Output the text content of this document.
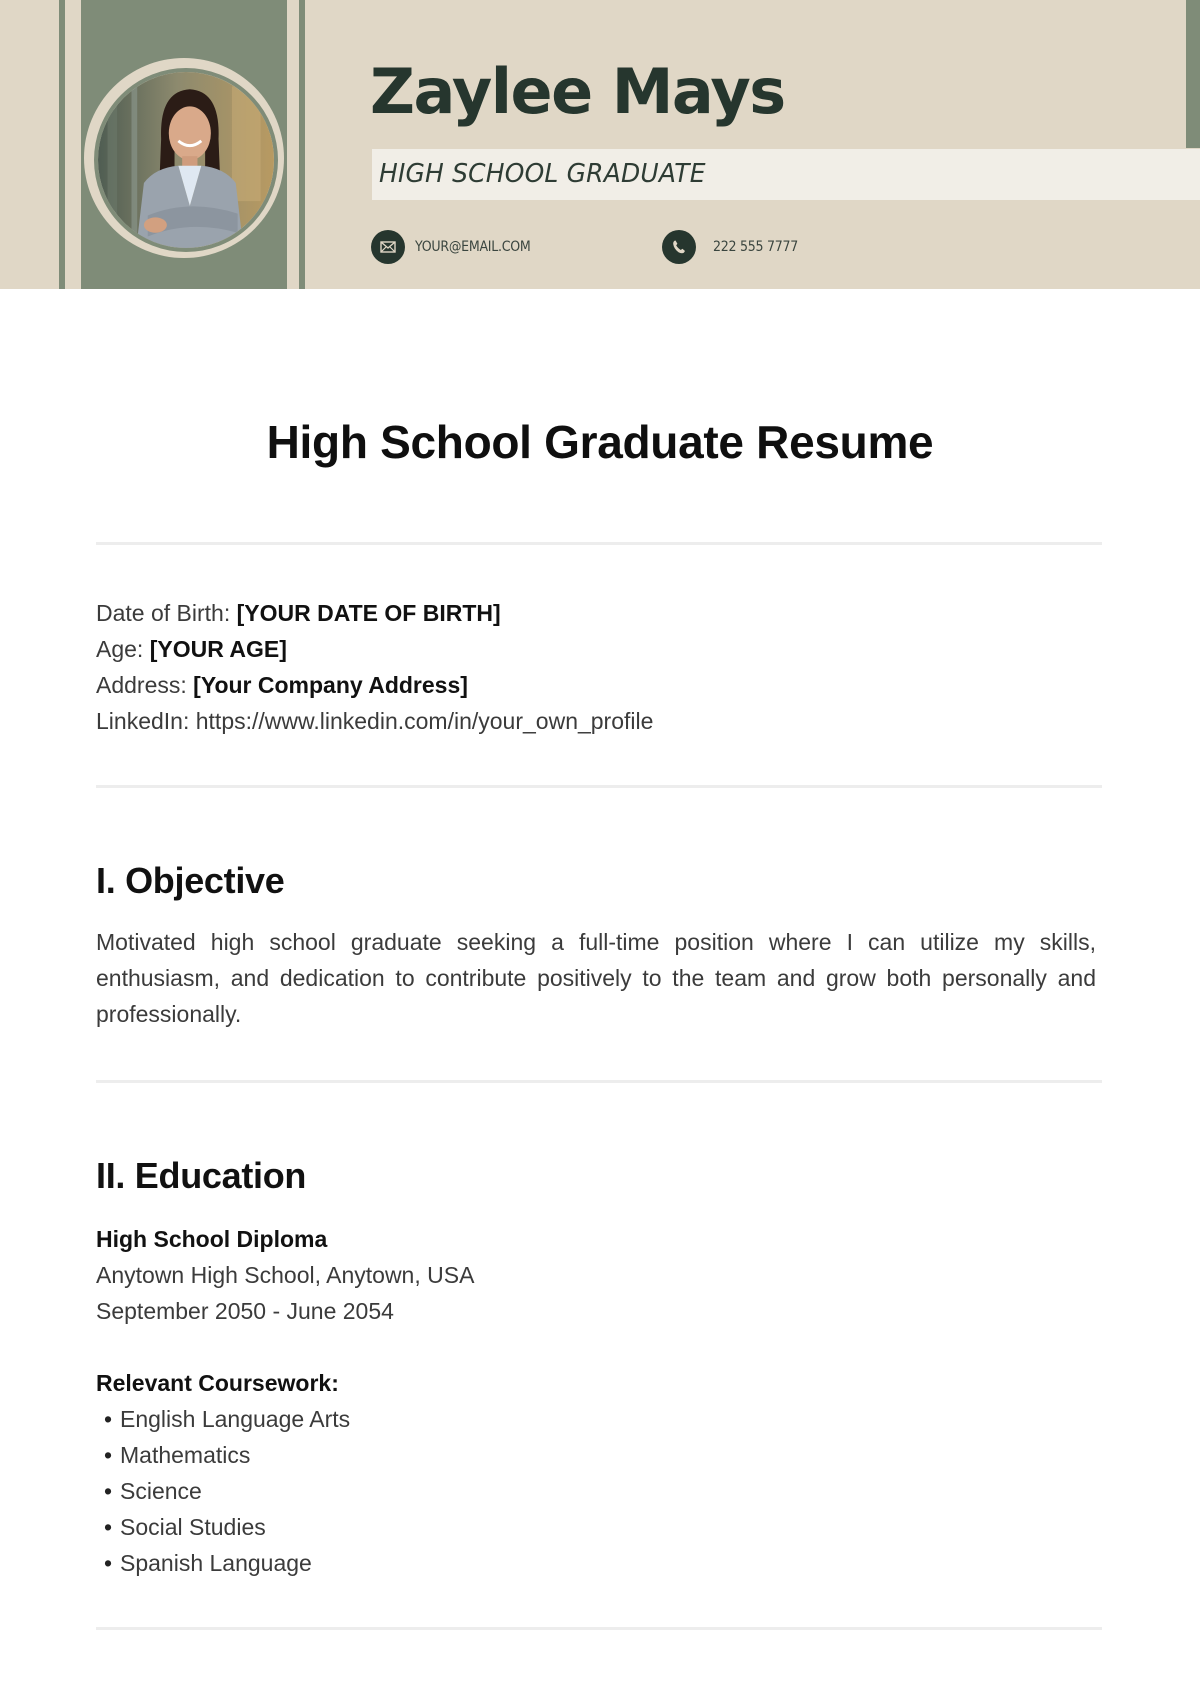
Zaylee Mays
HIGH SCHOOL GRADUATE
YOUR@EMAIL.COM	222 555 7777
High School Graduate Resume
Date of Birth: [YOUR DATE OF BIRTH]
Age: [YOUR AGE]
Address: [Your Company Address]
LinkedIn: https://www.linkedin.com/in/your_own_profile
I. Objective
Motivated high school graduate seeking a full-time position where I can utilize my skills, enthusiasm, and dedication to contribute positively to the team and grow both personally and professionally.
II. Education
High School Diploma
Anytown High School, Anytown, USA
September 2050 - June 2054
Relevant Coursework:
• English Language Arts
• Mathematics
• Science
• Social Studies
• Spanish Language
